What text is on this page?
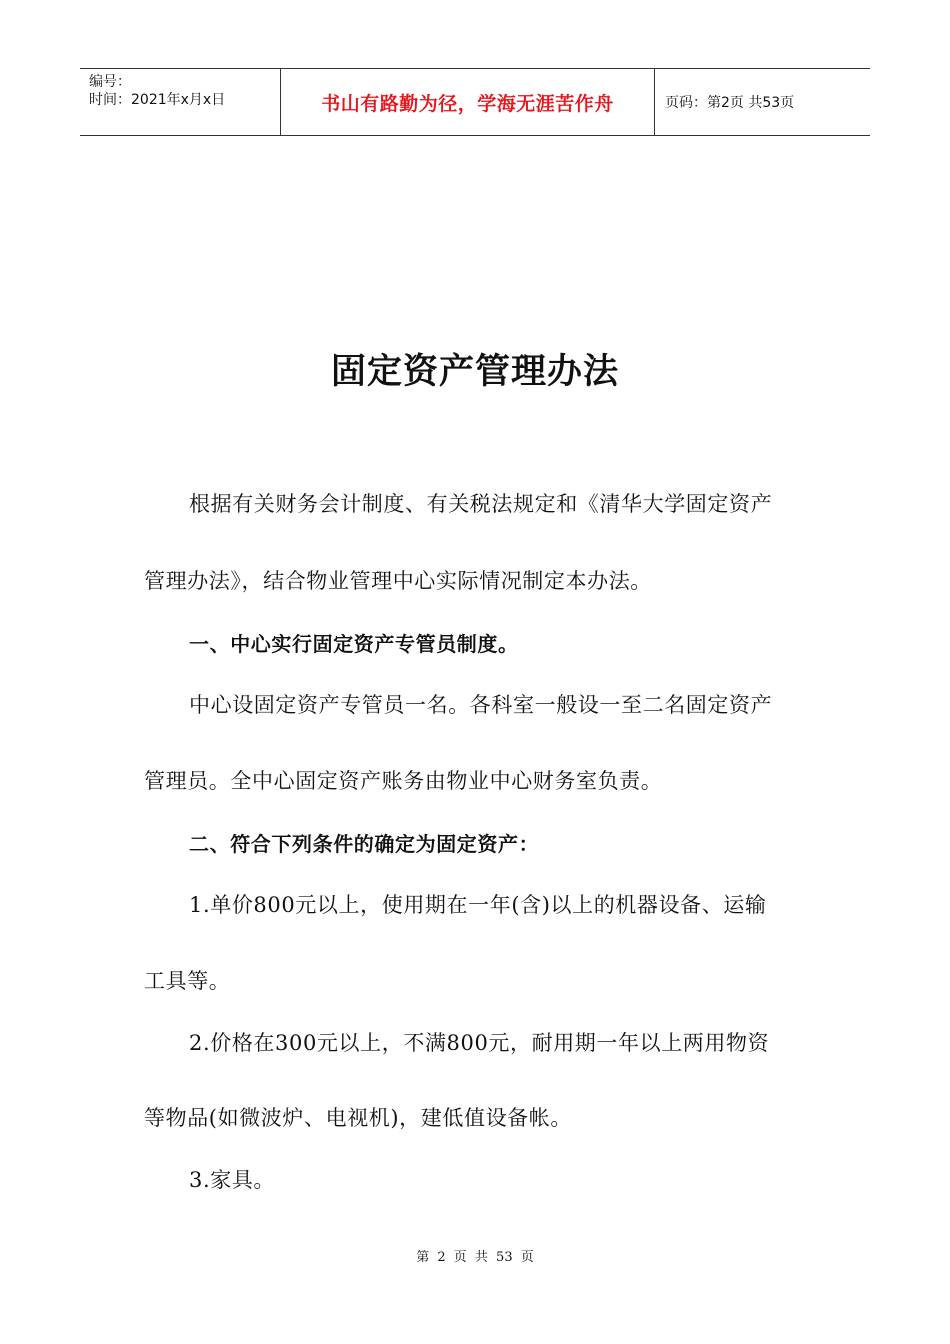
编号：
时间：2021年x月x日	书山有路勤为径，学海无涯苦作舟	页码：第2页 共53页
固定资产管理办法
根据有关财务会计制度、有关税法规定和《清华大学固定资产
管理办法》，结合物业管理中心实际情况制定本办法。
一、中心实行固定资产专管员制度。
中心设固定资产专管员一名。各科室一般设一至二名固定资产
管理员。全中心固定资产账务由物业中心财务室负责。
二、符合下列条件的确定为固定资产：
1.单价800元以上，使用期在一年(含)以上的机器设备、运输
工具等。
2.价格在300元以上，不满800元，耐用期一年以上两用物资
等物品(如微波炉、电视机)，建低值设备帐。
3.家具。
第 2 页 共 53 页
